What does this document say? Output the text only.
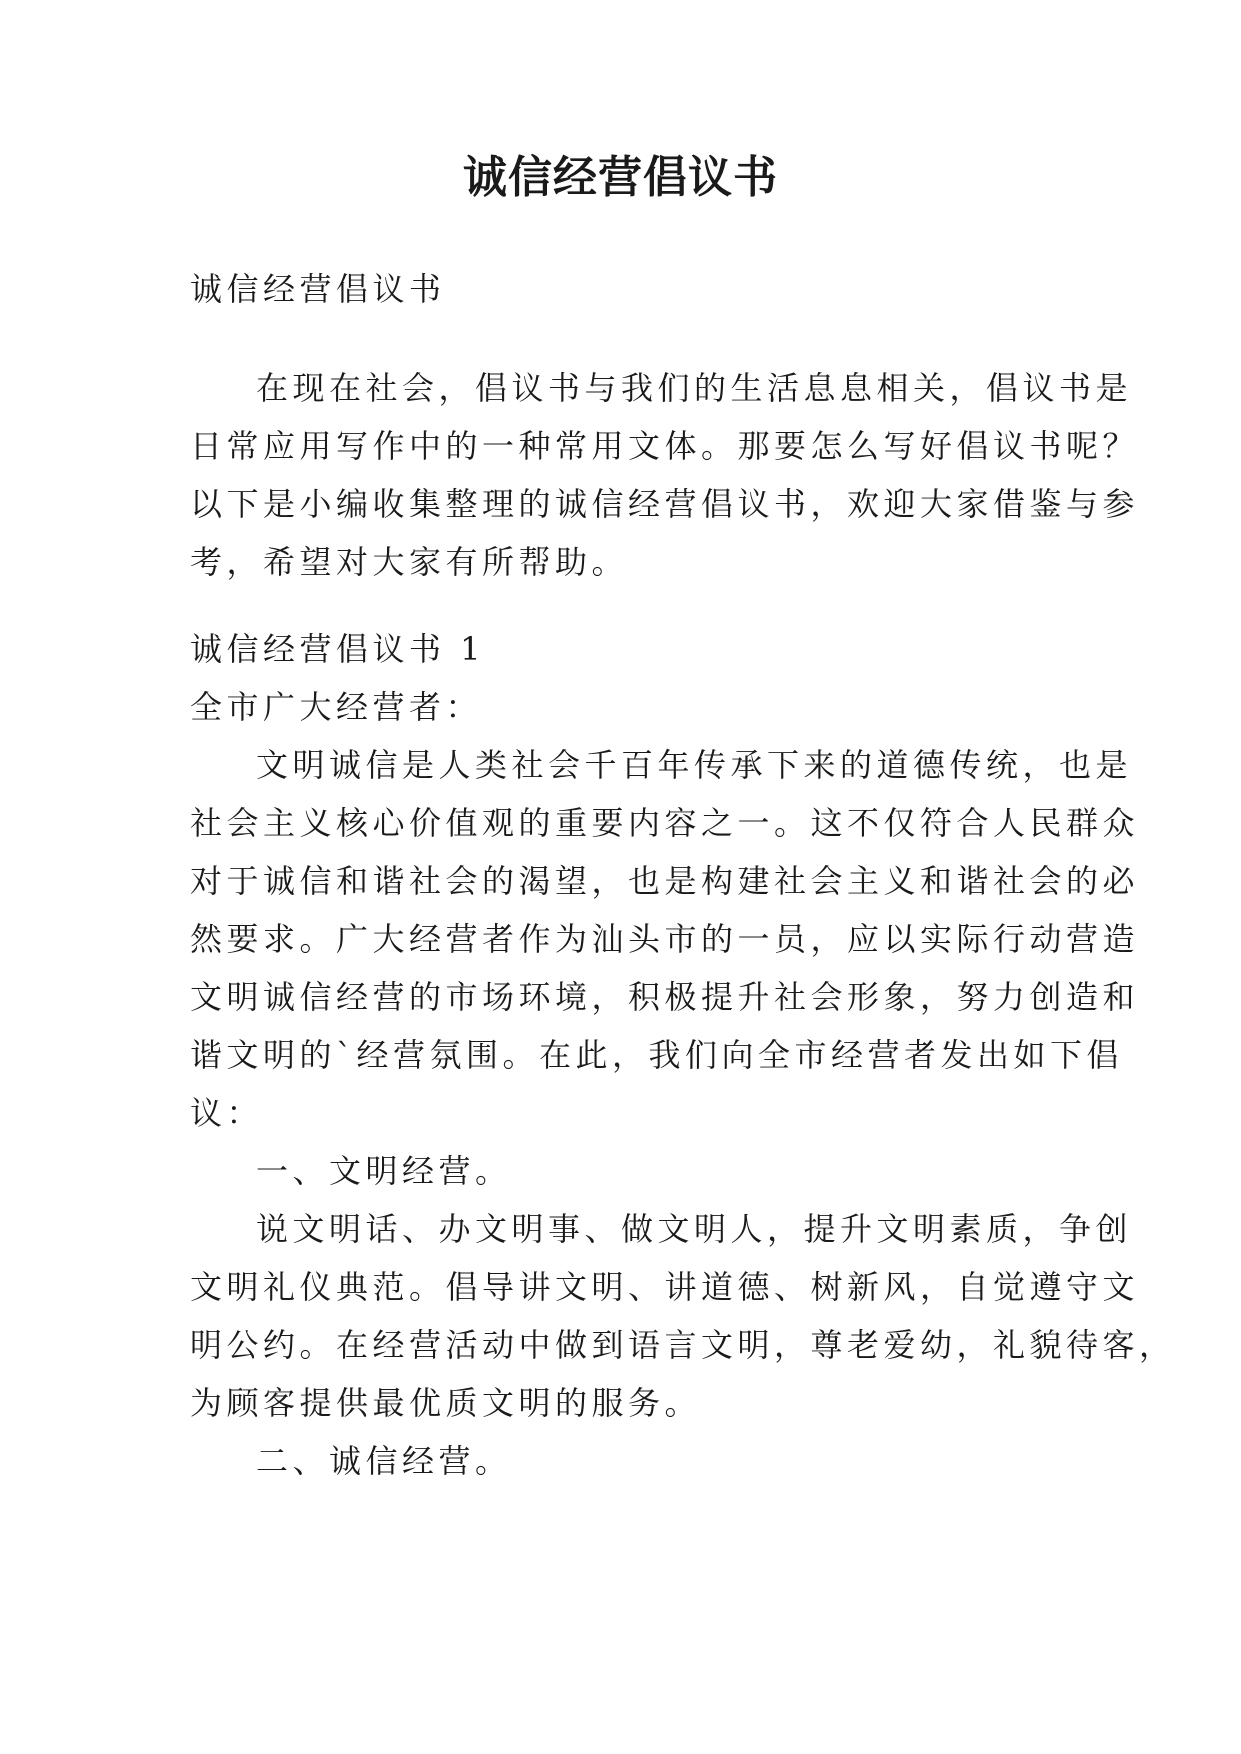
诚信经营倡议书
诚信经营倡议书
在现在社会，倡议书与我们的生活息息相关，倡议书是
日常应用写作中的一种常用文体。那要怎么写好倡议书呢？
以下是小编收集整理的诚信经营倡议书，欢迎大家借鉴与参
考，希望对大家有所帮助。
诚信经营倡议书 1
全市广大经营者：
文明诚信是人类社会千百年传承下来的道德传统，也是
社会主义核心价值观的重要内容之一。这不仅符合人民群众
对于诚信和谐社会的渴望，也是构建社会主义和谐社会的必
然要求。广大经营者作为汕头市的一员，应以实际行动营造
文明诚信经营的市场环境，积极提升社会形象，努力创造和
谐文明的`经营氛围。在此，我们向全市经营者发出如下倡
议：
一、文明经营。
说文明话、办文明事、做文明人，提升文明素质，争创
文明礼仪典范。倡导讲文明、讲道德、树新风，自觉遵守文
明公约。在经营活动中做到语言文明，尊老爱幼，礼貌待客，
为顾客提供最优质文明的服务。
二、诚信经营。
